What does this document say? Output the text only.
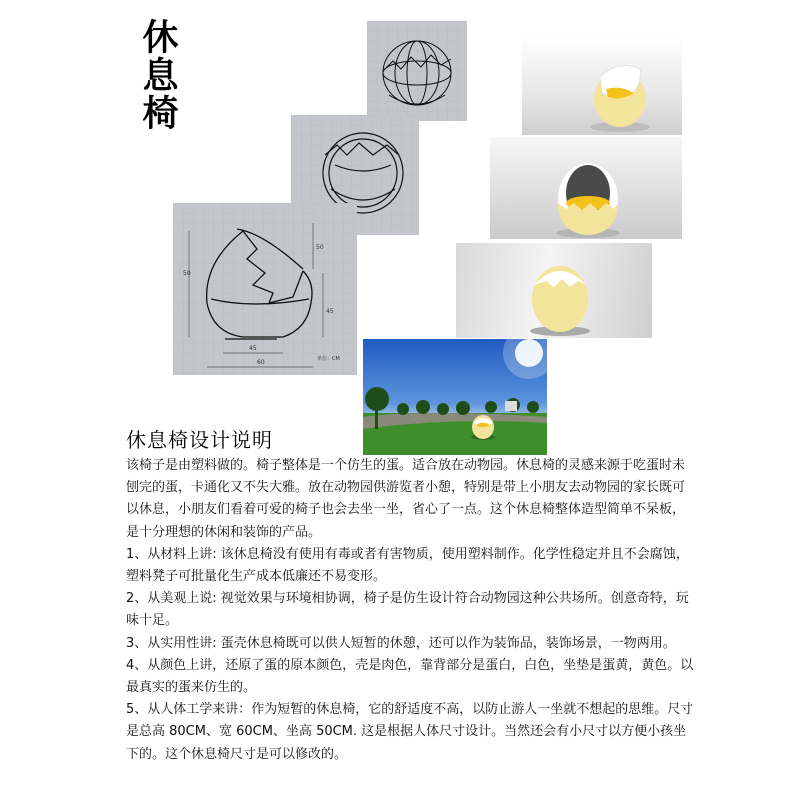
休息椅
50
50
45
45
60	单位：CM
休息椅设计说明

该椅子是由塑料做的。椅子整体是一个仿生的蛋。适合放在动物园。休息椅的灵感来源于吃蛋时未刨完的蛋，卡通化又不失大雅。放在动物园供游览者小憩，特别是带上小朋友去动物园的家长既可以休息，小朋友们看着可爱的椅子也会去坐一坐，省心了一点。这个休息椅整体造型简单不呆板，是十分理想的休闲和装饰的产品。

1、从材料上讲: 该休息椅没有使用有毒或者有害物质，使用塑料制作。化学性稳定并且不会腐蚀，塑料凳子可批量化生产成本低廉还不易变形。

2、从美观上说: 视觉效果与环境相协调，椅子是仿生设计符合动物园这种公共场所。创意奇特，玩味十足。

3、从实用性讲: 蛋壳休息椅既可以供人短暂的休憩，还可以作为装饰品，装饰场景，一物两用。

4、从颜色上讲，还原了蛋的原本颜色，壳是肉色，靠背部分是蛋白，白色，坐垫是蛋黄，黄色。以最真实的蛋来仿生的。

5、从人体工学来讲：作为短暂的休息椅，它的舒适度不高，以防止游人一坐就不想起的思维。尺寸是总高 80CM、宽 60CM、坐高 50CM. 这是根据人体尺寸设计。当然还会有小尺寸以方便小孩坐下的。这个休息椅尺寸是可以修改的。
